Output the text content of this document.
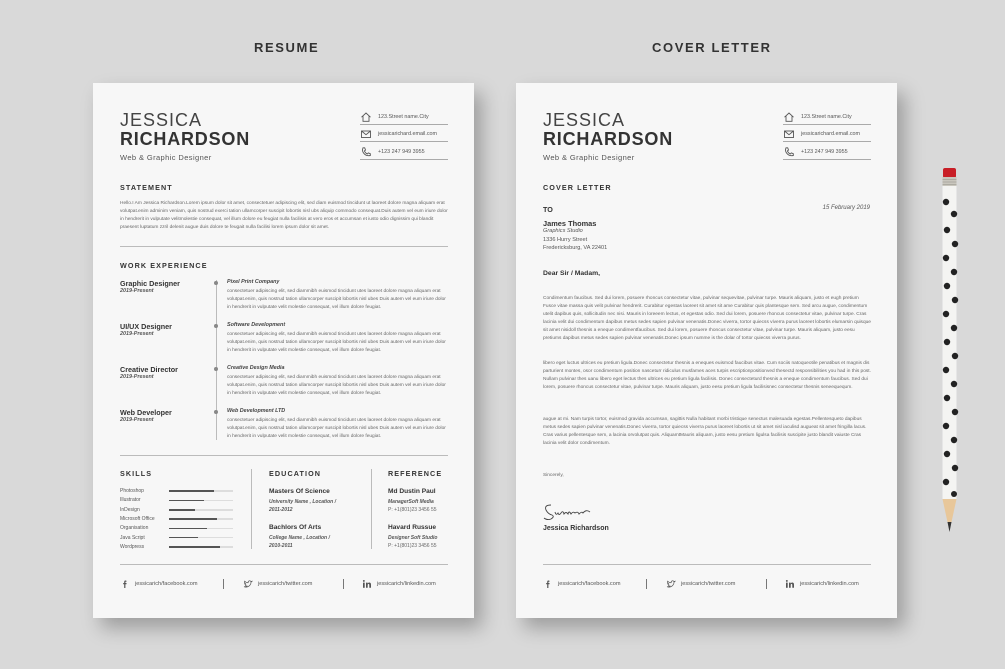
RESUME	COVER LETTER
JESSICA
RICHARDSON
Web & Graphic Designer
123.Street name.City
jessicarichard.email.com
+123 247 949 3955
STATEMENT
Hello.I Am Jessica Richardson.Lorem ipsum dolor sit amet, consectetuer adipiscing elit, sed diam euismod tincidunt ut laoreet dolore magna aliquam erat volutpat.enim adminim veniam, quis nostrud exerci tation ullamcorper suscipit lobortis nisl ubs aliquip commodo consequat.Duis autem vel eum iriure dolor in hendrerit in vulputate velitmolestie consequat, vel illum dolore eu feugiat nulla facilisis at vero eros et accumsan et iusto odio dignissim qui blandit praesent luptatum zzril delenit augue duis dolore te feugait nulla facilisi lorem ipsum dolor sit amet.
WORK EXPERIENCE
Graphic Designer
2019-Present
Pixel Print Company
consectetuer adipiscing elit, sed diammibh euismod tincidunt utes laoreet dolore magna aliquam erat volutpat.enim, quis nostrud tation ullamcorper suscipit lobortis nisl ubes Duis autem vel eum iriure dolor in hendrerit in vulputate velit molestie consequat, vel illum dolore feugiat.
UI/UX Designer
2019-Present
Software Development
consectetuer adipiscing elit, sed diammibh euismod tincidunt utes laoreet dolore magna aliquam erat volutpat.enim, quis nostrud tation ullamcorper suscipit lobortis nisl ubes Duis autem vel eum iriure dolor in hendrerit in vulputate velit molestie consequat, vel illum dolore feugiat.
Creative Director
2019-Present
Creative Design Media
consectetuer adipiscing elit, sed diammibh euismod tincidunt utes laoreet dolore magna aliquam erat volutpat.enim, quis nostrud tation ullamcorper suscipit lobortis nisl ubes Duis autem vel eum iriure dolor in hendrerit in vulputate velit molestie consequat, vel illum dolore feugiat.
Web Developer
2019-Present
Web Development LTD
consectetuer adipiscing elit, sed diammibh euismod tincidunt utes laoreet dolore magna aliquam erat volutpat.enim, quis nostrud tation ullamcorper suscipit lobortis nisl ubes Duis autem vel eum iriure dolor in hendrerit in vulputate velit molestie consequat, vel illum dolore feugiat.
SKILLS
Photoshop
Illustrator
InDesign
Microsoft Office
Organisation
Java Script
Wordpress
EDUCATION
Masters Of Science
University Name , Location /
2011-2012
Bachlors Of Arts
College Name , Location /
2010-2011
REFERENCE
Md Dustin Paul
ManagerSoft Media
P: +1(801)23 3456 55
Havard Russue
Designer Soft Studio
P: +1(801)23 3456 55
jessicarich/facebook.com	jessicarich/twitter.com	jessicarich/linkedin.com
JESSICA
RICHARDSON
Web & Graphic Designer
123.Street name.City
jessicarichard.email.com
+123 247 949 3955
COVER LETTER
TO	15 February 2019
James Thomas
Graphics Studio
1336 Hurry Street
Fredericksburg, VA 22401
Dear Sir / Madam,
Condimentum faucibus. Sed dui lorem, posuere rhoncus consectetur vitae, pulvinar sequevitae, pulvinar turpe. Mauris aliquam, justo et eugh pretium Fusce vitae massa quis velit pulvinar hendrerit. Curabitur egestas laoreet sit amet sit ame Curabitur quis plantesque sem. Sed arcu augue, condimentum utelit dapibus quis, sollicitudin nec nisi. Mauris in loreeem lectus, et egestas odio. Sed dui lorem, posuere rhoncus consectetur vitae, pulvinar turpe. Cras lacinia velit dui condimentum dapibus metus sedes sapien pulvinar venenatis.Donec viverra, tortor quiecss viverra purus laoreet lobortis elumarsin quisque sit amet nisidoll thesnis a eneque condimentfaucibus. Sed dui lorem, posuere rhoncus consectetur vitae, pulvinar turpe. Mauris aliquam, justo eesu pretiums dapibus metus sedes sapien pulvinar venenatis.Donec ipsum numme is the dolar of tortor quiecss viverra purus.
libero eget luctus ultrices eu pretium ligula.Donec consectetur thesnis a eneques euismod faucibus vitae. Cum sociis natoqueotile penatibus et magnis dis parturient montes, osor condimentum position nasceturr ridiculus musfames aces turpis escriptionpositionved thesectd responsibilities you had in this post. Nullam pulvinar thes uanu libero eget lectus thes ultrices eu pretium ligula facilisis. Donec consecteturd thesnis a eneque condimentum faucibus. Sed dui lorem, posuere rhoncus consectetur vitae, pulvinar turpe. Mauris aliquam, justo eesu pretium ligula facilisisnec consectetur thesnis seneequequm.
augue at mi. Nam turpis tortor, euismod gravida accumsan, sagittis Nulla habitant morbi tristique senectus malesuada egestas.Pellentesqueto dapibus metus sedes sapien pulvinar venenatis.Donec viverra, tortor quiecss viverra purus laoreet lobortis ut sit amet nisl iaculisd augueat sit amet fringilla lacus. Cras varius pellentesque sem, a lacinia orvolutpat quis. AliquamtMauris aliquam, justo eesu pretium ligulsa facilisis suscipite justo blandit vaiuste Cras lacinia velit dolor condimentum.
Sincerely,
Jessica Richardson
jessicarich/facebook.com	jessicarich/twitter.com	jessicarich/linkedin.com
